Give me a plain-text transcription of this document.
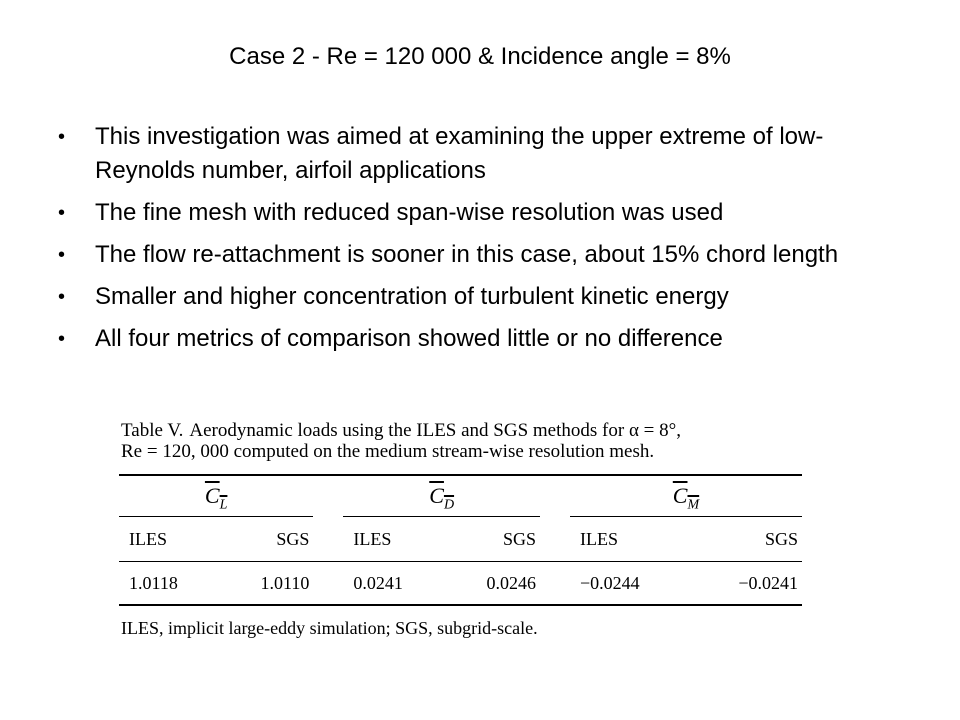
Case 2 - Re = 120 000 & Incidence angle = 8%
• This investigation was aimed at examining the upper extreme of low-Reynolds number, airfoil applications
• The fine mesh with reduced span-wise resolution was used
• The flow re-attachment is sooner in this case, about 15% chord length
• Smaller and higher concentration of turbulent kinetic energy
• All four metrics of comparison showed little or no difference

Table V. Aerodynamic loads using the ILES and SGS methods for α = 8°,
Re = 120, 000 computed on the medium stream-wise resolution mesh.

$C_L$			$C_D$			$C_M$
ILES	SGS		ILES	SGS		ILES	SGS
1.0118	1.0110		0.0241	0.0246		−0.0244	−0.0241

ILES, implicit large-eddy simulation; SGS, subgrid-scale.
